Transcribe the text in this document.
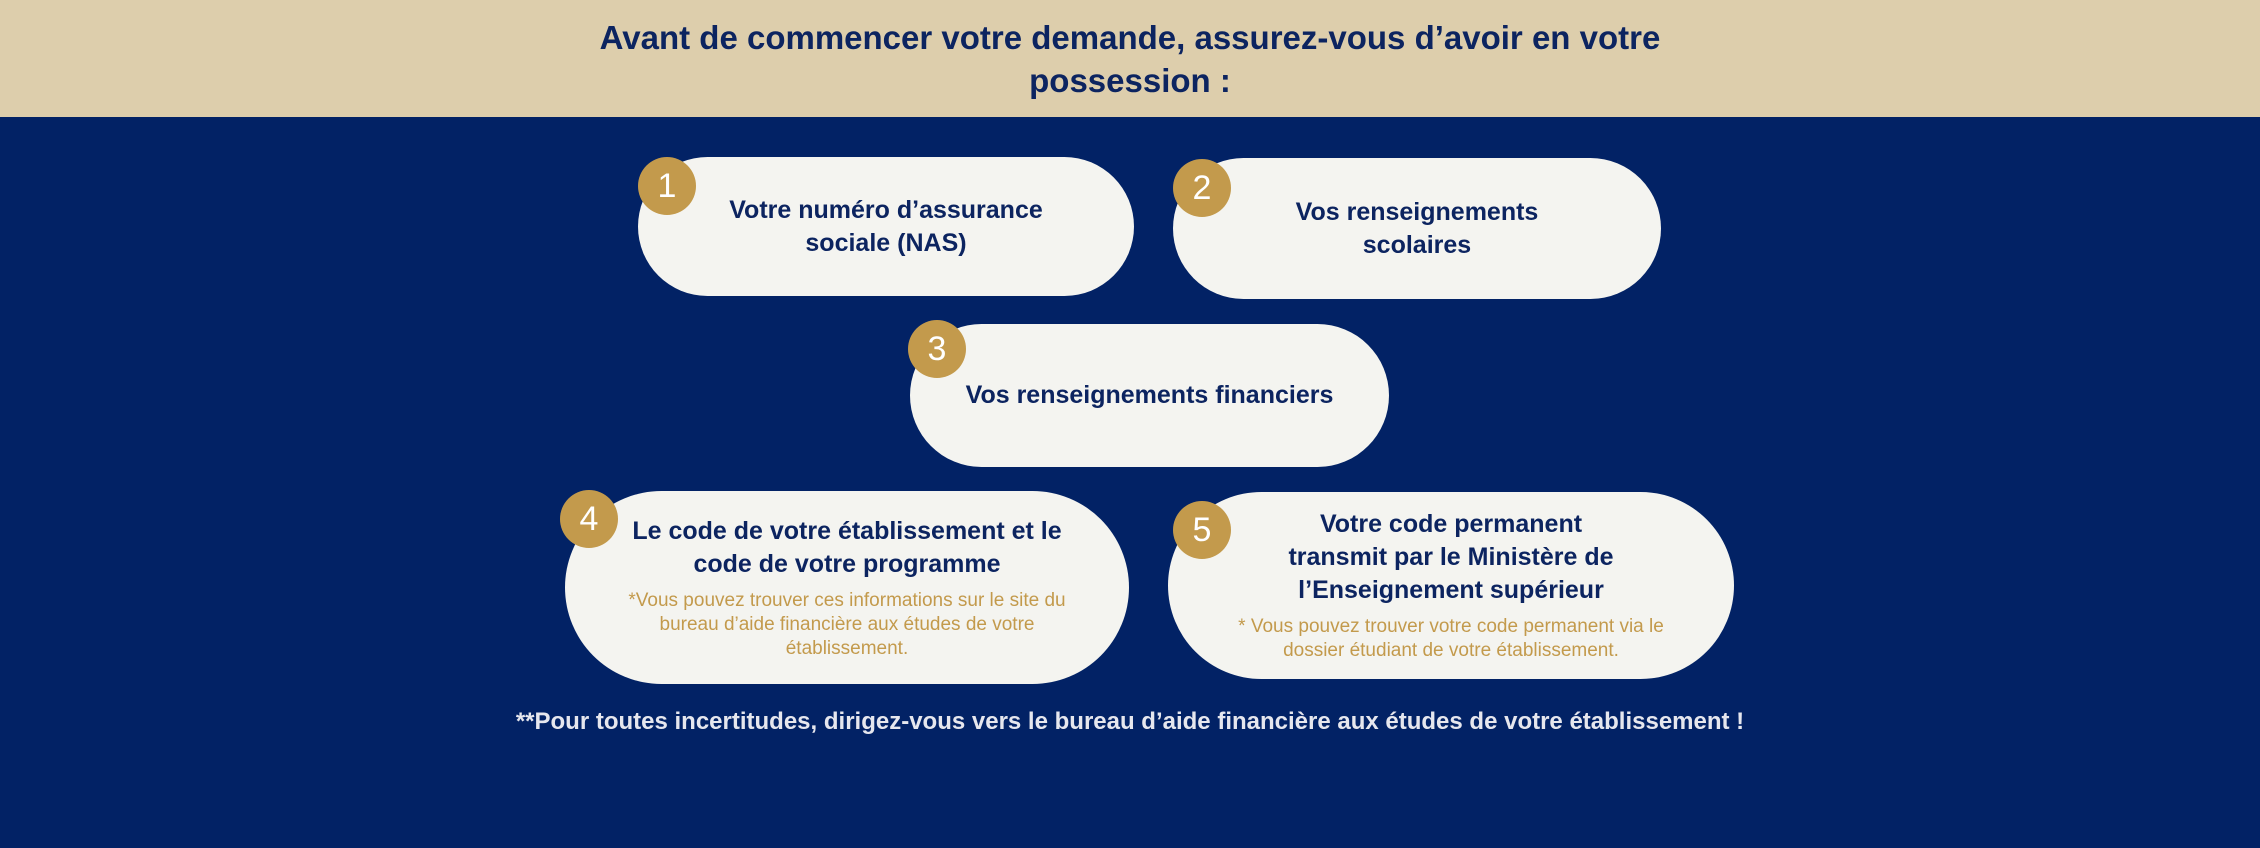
Avant de commencer votre demande, assurez-vous d’avoir en votre possession :

Votre numéro d’assurance sociale (NAS)

1

Vos renseignements scolaires

2

Vos renseignements financiers

3

Le code de votre établissement et le code de votre programme

*Vous pouvez trouver ces informations sur le site du bureau d’aide financière aux études de votre établissement.

4	Votre code permanent transmit par le Ministère de l’Enseignement supérieur

* Vous pouvez trouver votre code permanent via le dossier étudiant de votre établissement.

5

**Pour toutes incertitudes, dirigez-vous vers le bureau d’aide financière aux études de votre établissement !
